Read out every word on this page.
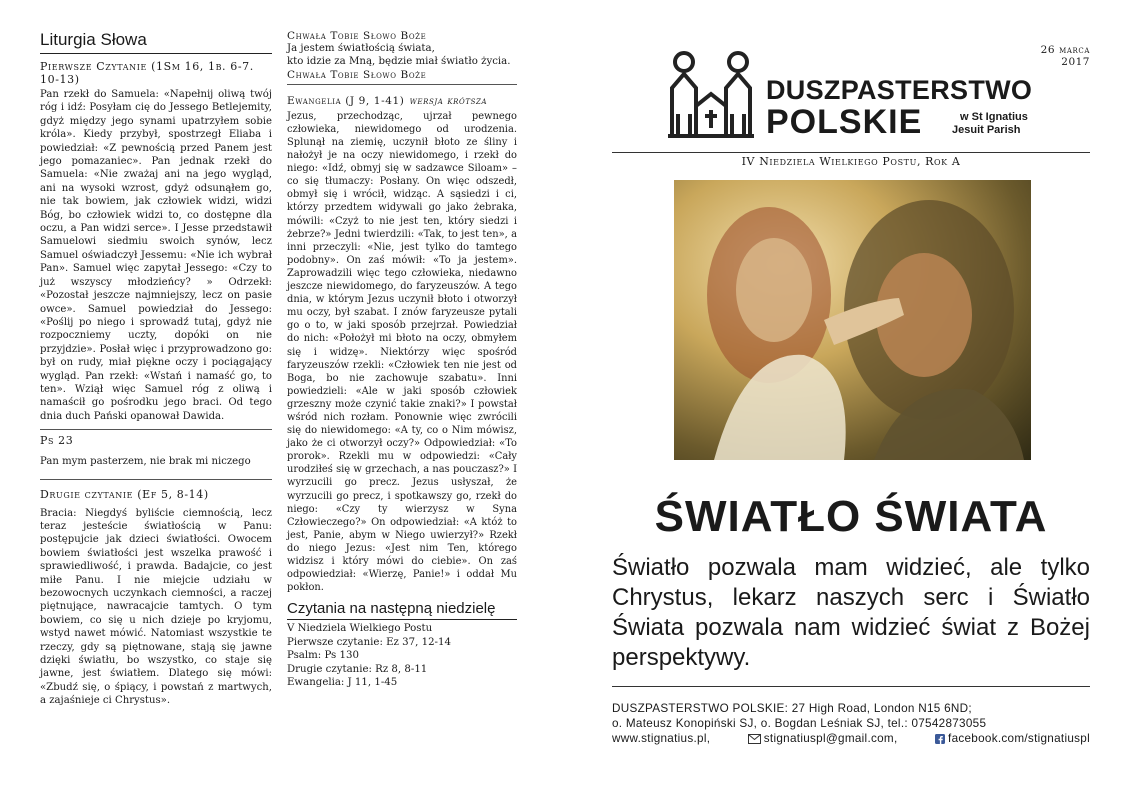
Liturgia Słowa
Pierwsze Czytanie (1Sm 16, 1b. 6-7. 10-13)

Pan rzekł do Samuela: «Napełnij oliwą twój róg i idź: Posyłam cię do Jessego Betlejemity, gdyż między jego synami upatrzyłem sobie króla». Kiedy przybył, spostrzegł Eliaba i powiedział: «Z pewnością przed Panem jest jego pomazaniec». Pan jednak rzekł do Samuela: «Nie zważaj ani na jego wygląd, ani na wysoki wzrost, gdyż odsunąłem go, nie tak bowiem, jak człowiek widzi, widzi Bóg, bo człowiek widzi to, co dostępne dla oczu, a Pan widzi serce». I Jesse przedstawił Samuelowi siedmiu swoich synów, lecz Samuel oświadczył Jessemu: «Nie ich wybrał Pan». Samuel więc zapytał Jessego: «Czy to już wszyscy młodzieńcy? » Odrzekł: «Pozostał jeszcze najmniejszy, lecz on pasie owce». Samuel powiedział do Jessego: «Poślij po niego i sprowadź tutaj, gdyż nie rozpoczniemy uczty, dopóki on nie przyjdzie». Posłał więc i przyprowadzono go: był on rudy, miał piękne oczy i pociągający wygląd. Pan rzekł: «Wstań i namaść go, to ten». Wziął więc Samuel róg z oliwą i namaścił go pośrodku jego braci. Od tego dnia duch Pański opanował Dawida.

Ps 23

Pan mym pasterzem, nie brak mi niczego

Drugie czytanie (Ef 5, 8-14)

Bracia: Niegdyś byliście ciemnością, lecz teraz jesteście światłością w Panu: postępujcie jak dzieci światłości. Owocem bowiem światłości jest wszelka prawość i sprawiedliwość, i prawda. Badajcie, co jest miłe Panu. I nie miejcie udziału w bezowocnych uczynkach ciemności, a raczej piętnujące, nawracajcie tamtych. O tym bowiem, co się u nich dzieje po kryjomu, wstyd nawet mówić. Natomiast wszystkie te rzeczy, gdy są piętnowane, stają się jawne dzięki światłu, bo wszystko, co staje się jawne, jest światłem. Dlatego się mówi: «Zbudź się, o śpiący, i powstań z martwych, a zajaśnieje ci Chrystus».

Chwała Tobie Słowo Boże
Ja jestem światłością świata,
kto idzie za Mną, będzie miał światło życia.
Chwała Tobie Słowo Boże
Ewangelia (J 9, 1-41) wersja krótsza

Jezus, przechodząc, ujrzał pewnego człowieka, niewidomego od urodzenia. Splunął na ziemię, uczynił błoto ze śliny i nałożył je na oczy niewidomego, i rzekł do niego: «Idź, obmyj się w sadzawce Siloam» – co się tłumaczy: Posłany. On więc odszedł, obmył się i wrócił, widząc. A sąsiedzi i ci, którzy przedtem widywali go jako żebraka, mówili: «Czyż to nie jest ten, który siedzi i żebrze?» Jedni twierdzili: «Tak, to jest ten», a inni przeczyli: «Nie, jest tylko do tamtego podobny». On zaś mówił: «To ja jestem». Zaprowadzili więc tego człowieka, niedawno jeszcze niewidomego, do faryzeuszów. A tego dnia, w którym Jezus uczynił błoto i otworzył mu oczy, był szabat. I znów faryzeusze pytali go o to, w jaki sposób przejrzał. Powiedział do nich: «Położył mi błoto na oczy, obmyłem się i widzę». Niektórzy więc spośród faryzeuszów rzekli: «Człowiek ten nie jest od Boga, bo nie zachowuje szabatu». Inni powiedzieli: «Ale w jaki sposób człowiek grzeszny może czynić takie znaki?» I powstał wśród nich rozłam. Ponownie więc zwrócili się do niewidomego: «A ty, co o Nim mówisz, jako że ci otworzył oczy?» Odpowiedział: «To prorok». Rzekli mu w odpowiedzi: «Cały urodziłeś się w grzechach, a nas pouczasz?» I wyrzucili go precz. Jezus usłyszał, że wyrzucili go precz, i spotkawszy go, rzekł do niego: «Czy ty wierzysz w Syna Człowieczego?» On odpowiedział: «A któż to jest, Panie, abym w Niego uwierzył?» Rzekł do niego Jezus: «Jest nim Ten, którego widzisz i który mówi do ciebie». On zaś odpowiedział: «Wierzę, Panie!» i oddał Mu pokłon.

Czytania na następną niedzielę
V Niedziela Wielkiego Postu
Pierwsze czytanie: Ez 37, 12-14
Psalm: Ps 130
Drugie czytanie: Rz 8, 8-11
Ewangelia: J 11, 1-45
26 marca
2017
DUSZPASTERSTWO
POLSKIE	w St Ignatius
Jesuit Parish
IV Niedziela Wielkiego Postu, Rok A
ŚWIATŁO ŚWIATA
Światło pozwala mam widzieć, ale tylko Chrystus, lekarz naszych serc i Światło Świata pozwala nam widzieć świat z Bożej perspektywy.
DUSZPASTERSTWO POLSKIE: 27 High Road, London N15 6ND;
o. Mateusz Konopiński SJ, o. Bogdan Leśniak SJ, tel.: 07542873055
www.stignatius.pl,	stignatiuspl@gmail.com,	facebook.com/stignatiuspl
